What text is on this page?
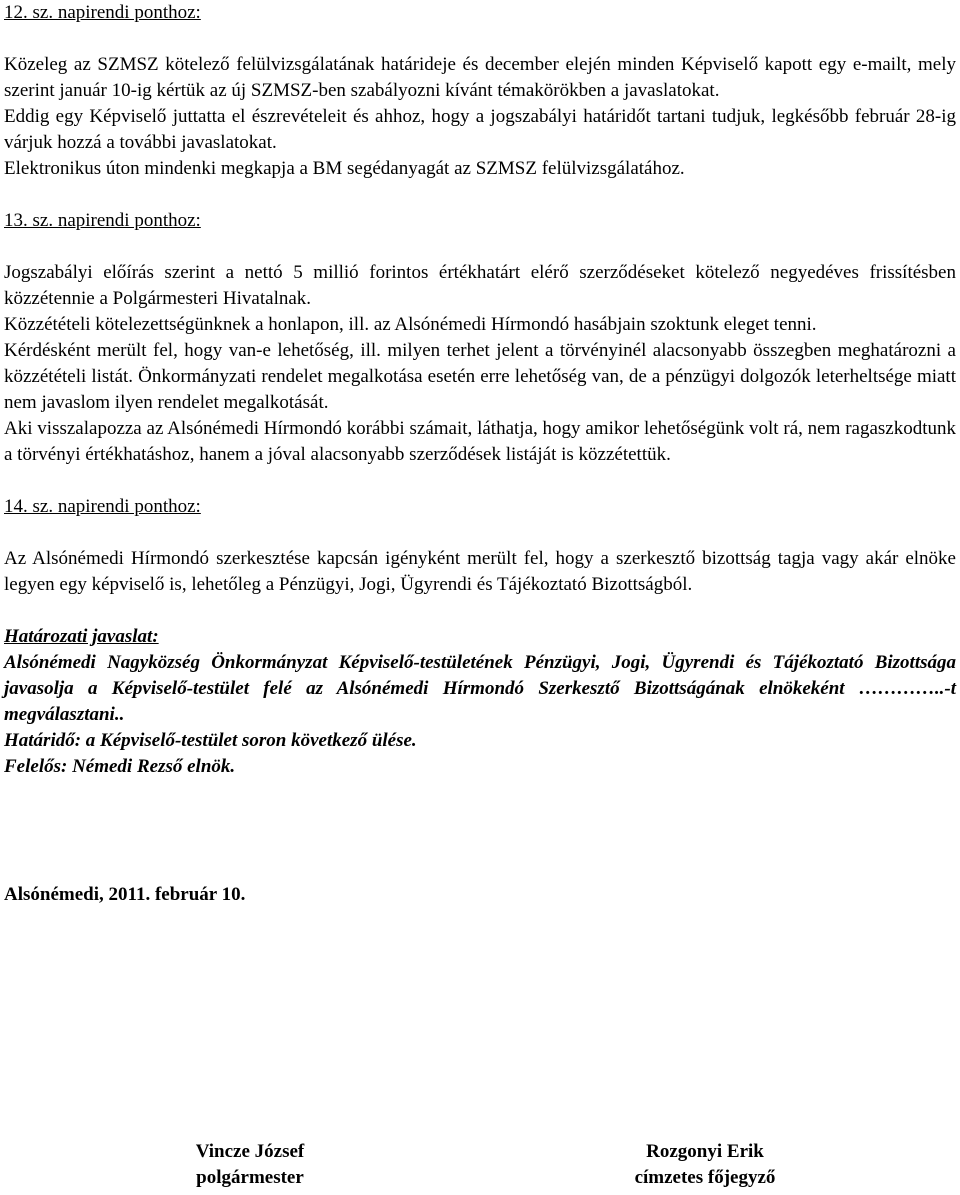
12. sz. napirendi ponthoz:

Közeleg az SZMSZ kötelező felülvizsgálatának határideje és december elején minden Képviselő kapott egy e-mailt, mely szerint január 10-ig kértük az új SZMSZ-ben szabályozni kívánt témakörökben a javaslatokat.

Eddig egy Képviselő juttatta el észrevételeit és ahhoz, hogy a jogszabályi határidőt tartani tudjuk, legkésőbb február 28-ig várjuk hozzá a további javaslatokat.

Elektronikus úton mindenki megkapja a BM segédanyagát az SZMSZ felülvizsgálatához.

13. sz. napirendi ponthoz:

Jogszabályi előírás szerint a nettó 5 millió forintos értékhatárt elérő szerződéseket kötelező negyedéves frissítésben közzétennie a Polgármesteri Hivatalnak.

Közzétételi kötelezettségünknek a honlapon, ill. az Alsónémedi Hírmondó hasábjain szoktunk eleget tenni.

Kérdésként merült fel, hogy van-e lehetőség, ill. milyen terhet jelent a törvényinél alacsonyabb összegben meghatározni a közzétételi listát. Önkormányzati rendelet megalkotása esetén erre lehetőség van, de a pénzügyi dolgozók leterheltsége miatt nem javaslom ilyen rendelet megalkotását.

Aki visszalapozza az Alsónémedi Hírmondó korábbi számait, láthatja, hogy amikor lehetőségünk volt rá, nem ragaszkodtunk a törvényi értékhatáshoz, hanem a jóval alacsonyabb szerződések listáját is közzétettük.

14. sz. napirendi ponthoz:

Az Alsónémedi Hírmondó szerkesztése kapcsán igényként merült fel, hogy a szerkesztő bizottság tagja vagy akár elnöke legyen egy képviselő is, lehetőleg a Pénzügyi, Jogi, Ügyrendi és Tájékoztató Bizottságból.

Határozati javaslat:

Alsónémedi Nagyközség Önkormányzat Képviselő-testületének Pénzügyi, Jogi, Ügyrendi és Tájékoztató Bizottsága javasolja a Képviselő-testület felé az Alsónémedi Hírmondó Szerkesztő Bizottságának elnökeként …………..-t megválasztani..

Határidő: a Képviselő-testület soron következő ülése.

Felelős: Némedi Rezső elnök.

Alsónémedi, 2011. február 10.

Vincze József
polgármester
Rozgonyi Erik
címzetes főjegyző
